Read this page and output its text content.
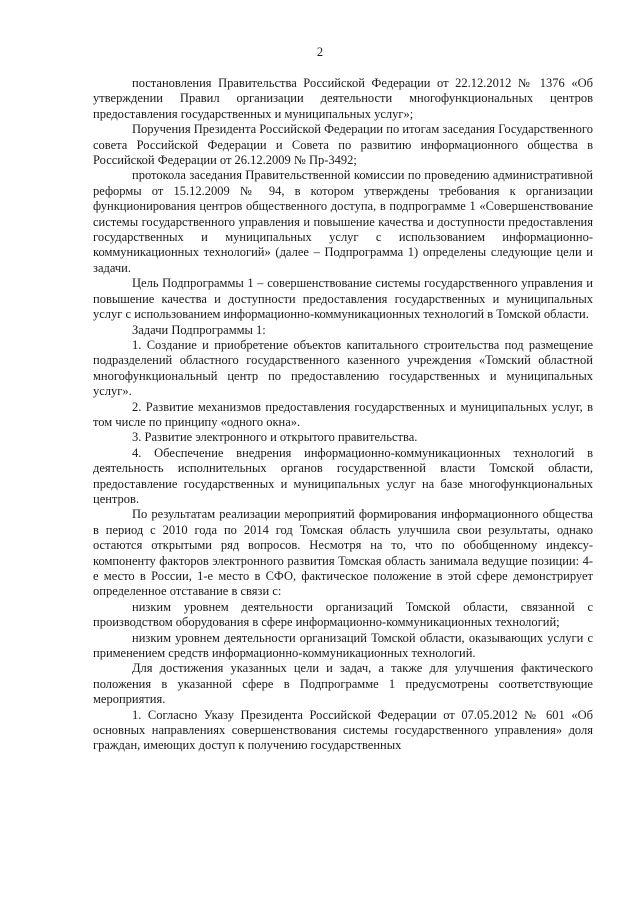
2

постановления Правительства Российской Федерации от 22.12.2012 № 1376 «Об утверждении Правил организации деятельности многофункциональных центров предоставления государственных и муниципальных услуг»;

Поручения Президента Российской Федерации по итогам заседания Государственного совета Российской Федерации и Совета по развитию информационного общества в Российской Федерации от 26.12.2009 № Пр-3492;

протокола заседания Правительственной комиссии по проведению административной реформы от 15.12.2009 № 94, в котором утверждены требования к организации функционирования центров общественного доступа, в подпрограмме 1 «Совершенствование системы государственного управления и повышение качества и доступности предоставления государственных и муниципальных услуг с использованием информационно-коммуникационных технологий» (далее – Подпрограмма 1) определены следующие цели и задачи.

Цель Подпрограммы 1 – совершенствование системы государственного управления и повышение качества и доступности предоставления государственных и муниципальных услуг с использованием информационно-коммуникационных технологий в Томской области.

Задачи Подпрограммы 1:

1. Создание и приобретение объектов капитального строительства под размещение подразделений областного государственного казенного учреждения «Томский областной многофункциональный центр по предоставлению государственных и муниципальных услуг».

2. Развитие механизмов предоставления государственных и муниципальных услуг, в том числе по принципу «одного окна».

3. Развитие электронного и открытого правительства.

4. Обеспечение внедрения информационно-коммуникационных технологий в деятельность исполнительных органов государственной власти Томской области, предоставление государственных и муниципальных услуг на базе многофункциональных центров.

По результатам реализации мероприятий формирования информационного общества в период с 2010 года по 2014 год Томская область улучшила свои результаты, однако остаются открытыми ряд вопросов. Несмотря на то, что по обобщенному индексу-компоненту факторов электронного развития Томская область занимала ведущие позиции: 4-е место в России, 1-е место в СФО, фактическое положение в этой сфере демонстрирует определенное отставание в связи с:

низким уровнем деятельности организаций Томской области, связанной с производством оборудования в сфере информационно-коммуникационных технологий;

низким уровнем деятельности организаций Томской области, оказывающих услуги с применением средств информационно-коммуникационных технологий.

Для достижения указанных цели и задач, а также для улучшения фактического положения в указанной сфере в Подпрограмме 1 предусмотрены соответствующие мероприятия.

1. Согласно Указу Президента Российской Федерации от 07.05.2012 № 601 «Об основных направлениях совершенствования системы государственного управления» доля граждан, имеющих доступ к получению государственных
